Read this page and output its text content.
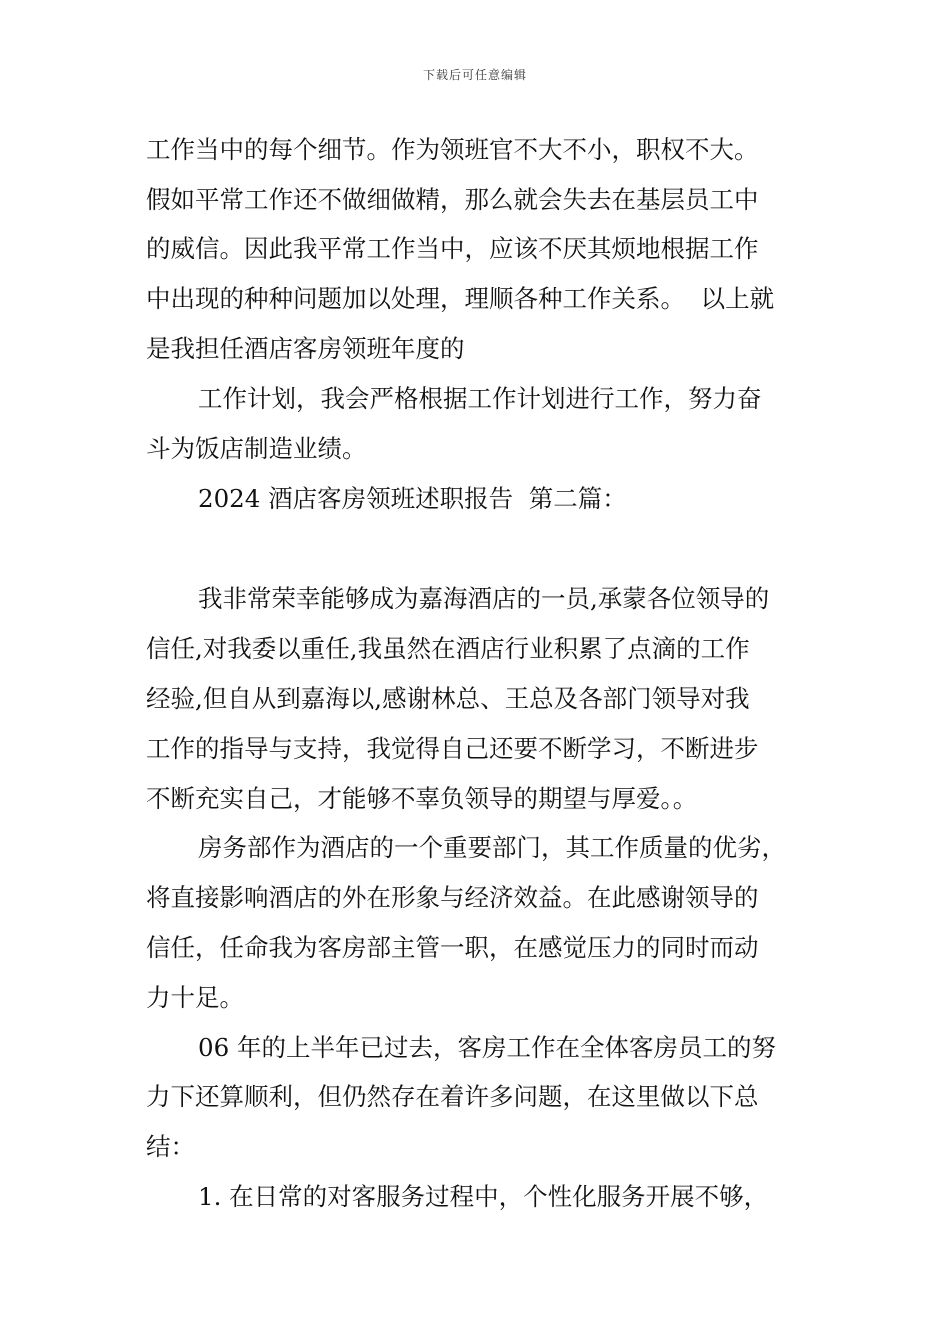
下载后可任意编辑
工作当中的每个细节。作为领班官不大不小，职权不大。
假如平常工作还不做细做精，那么就会失去在基层员工中
的威信。因此我平常工作当中，应该不厌其烦地根据工作
中出现的种种问题加以处理，理顺各种工作关系。  以上就
是我担任酒店客房领班年度的
工作计划，我会严格根据工作计划进行工作，努力奋
斗为饭店制造业绩。
2024 酒店客房领班述职报告  第二篇：
我非常荣幸能够成为嘉海酒店的一员,承蒙各位领导的
信任,对我委以重任,我虽然在酒店行业积累了点滴的工作
经验,但自从到嘉海以,感谢林总、王总及各部门领导对我
工作的指导与支持，我觉得自己还要不断学习，不断进步
不断充实自己，才能够不辜负领导的期望与厚爱。。
房务部作为酒店的一个重要部门，其工作质量的优劣，
将直接影响酒店的外在形象与经济效益。在此感谢领导的
信任，任命我为客房部主管一职，在感觉压力的同时而动
力十足。
06 年的上半年已过去，客房工作在全体客房员工的努
力下还算顺利，但仍然存在着许多问题，在这里做以下总
结：
1. 在日常的对客服务过程中，个性化服务开展不够，
